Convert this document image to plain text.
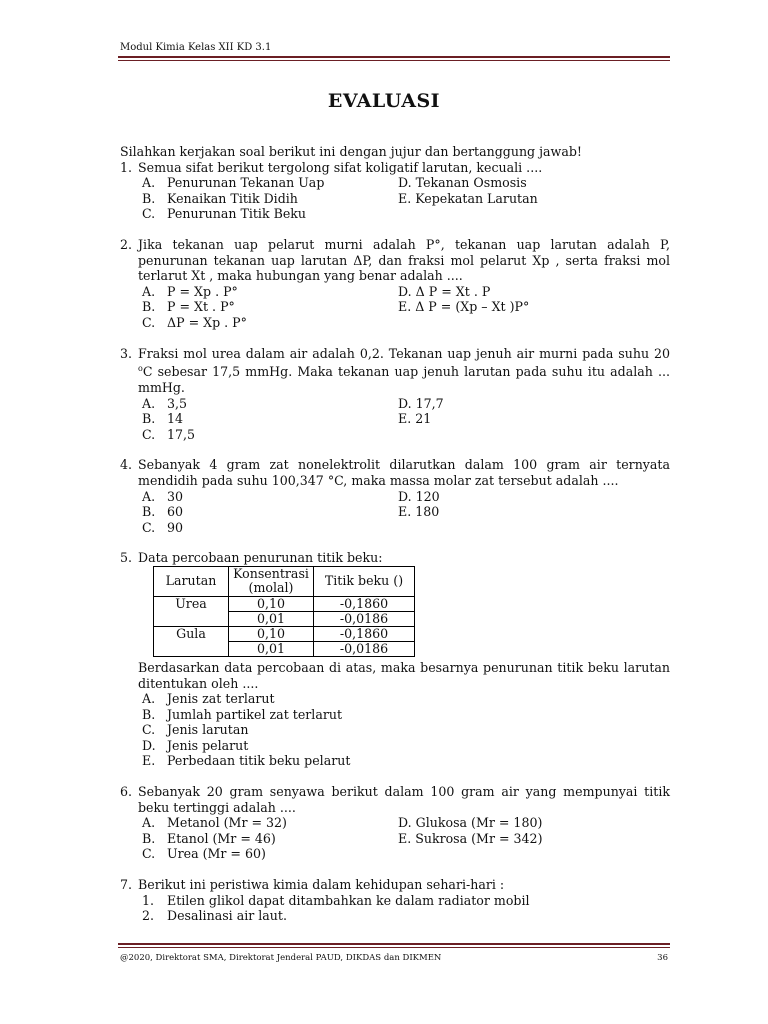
Modul Kimia Kelas XII KD 3.1
EVALUASI
Silahkan kerjakan soal berikut ini dengan jujur dan bertanggung jawab!
1. Semua sifat berikut tergolong sifat koligatif larutan, kecuali ....
A. Penurunan Tekanan Uap
B. Kenaikan Titik Didih
C. Penurunan Titik Beku
D. Tekanan Osmosis
E. Kepekatan Larutan
2. Jika tekanan uap pelarut murni adalah P°, tekanan uap larutan adalah P, penurunan tekanan uap larutan ΔP, dan fraksi mol pelarut Xp , serta fraksi mol terlarut Xt , maka hubungan yang benar adalah ....
A. P = Xp . P°
B. P = Xt . P°
C. ΔP = Xp . P°
D. Δ P = Xt . P
E. Δ P = (Xp – Xt )P°
3. Fraksi mol urea dalam air adalah 0,2. Tekanan uap jenuh air murni pada suhu 20 $^o$C sebesar 17,5 mmHg. Maka tekanan uap jenuh larutan pada suhu itu adalah ... mmHg.
A. 3,5
B. 14
C. 17,5
D. 17,7
E. 21
4. Sebanyak 4 gram zat nonelektrolit dilarutkan dalam 100 gram air ternyata mendidih pada suhu 100,347 °C, maka massa molar zat tersebut adalah ....
A. 30
B. 60
C. 90
D. 120
E. 180
5. Data percobaan penurunan titik beku:
Larutan	Konsentrasi (molal)	Titik beku ()
Urea	0,10	-0,1860
	0,01	-0,0186
Gula	0,10	-0,1860
	0,01	-0,0186
Berdasarkan data percobaan di atas, maka besarnya penurunan titik beku larutan ditentukan oleh ....
A. Jenis zat terlarut
B. Jumlah partikel zat terlarut
C. Jenis larutan
D. Jenis pelarut
E. Perbedaan titik beku pelarut
6. Sebanyak 20 gram senyawa berikut dalam 100 gram air yang mempunyai titik beku tertinggi adalah ....
A. Metanol (Mr = 32)
B. Etanol (Mr = 46)
C. Urea (Mr = 60)
D. Glukosa (Mr = 180)
E. Sukrosa (Mr = 342)
7. Berikut ini peristiwa kimia dalam kehidupan sehari-hari :
1. Etilen glikol dapat ditambahkan ke dalam radiator mobil
2. Desalinasi air laut.
@2020, Direktorat SMA, Direktorat Jenderal PAUD, DIKDAS dan DIKMEN	36
